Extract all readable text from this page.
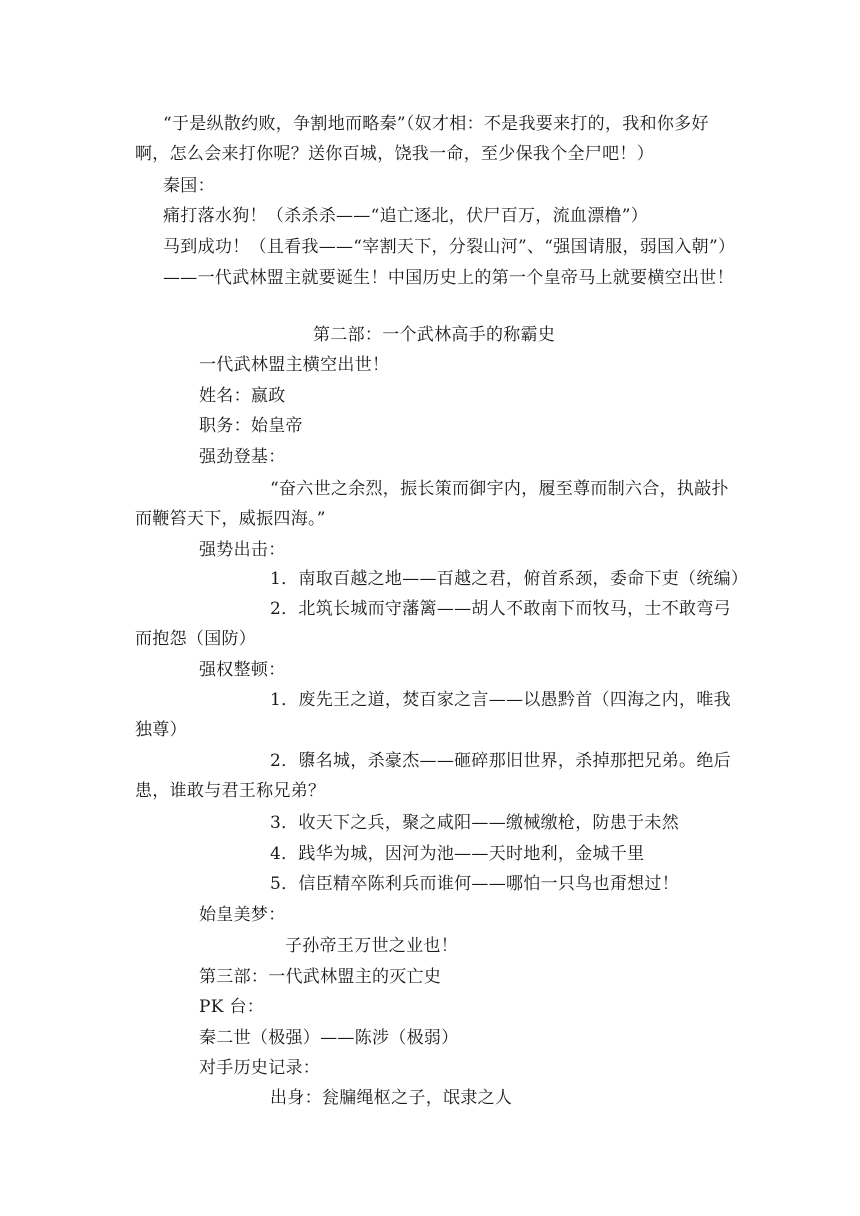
“于是纵散约败，争割地而略秦”（奴才相：不是我要来打的，我和你多好
啊，怎么会来打你呢？送你百城，饶我一命，至少保我个全尸吧！）
秦国：
痛打落水狗！（杀杀杀——“追亡逐北，伏尸百万，流血漂橹”）
马到成功！（且看我——“宰割天下，分裂山河”、“强国请服，弱国入朝”）
——一代武林盟主就要诞生！中国历史上的第一个皇帝马上就要横空出世！
第二部：一个武林高手的称霸史
一代武林盟主横空出世！
姓名：嬴政
职务：始皇帝
强劲登基：
“奋六世之余烈，振长策而御宇内，履至尊而制六合，执敲扑
而鞭笞天下，威振四海。”
强势出击：
1．南取百越之地——百越之君，俯首系颈，委命下吏（统编）
2．北筑长城而守藩篱——胡人不敢南下而牧马，士不敢弯弓
而抱怨（国防）
强权整顿：
1．废先王之道，焚百家之言——以愚黔首（四海之内，唯我
独尊）
2．隳名城，杀豪杰——砸碎那旧世界，杀掉那把兄弟。绝后
患，谁敢与君王称兄弟？
3．收天下之兵，聚之咸阳——缴械缴枪，防患于未然
4．践华为城，因河为池——天时地利，金城千里
5．信臣精卒陈利兵而谁何——哪怕一只鸟也甭想过！
始皇美梦：
子孙帝王万世之业也！
第三部：一代武林盟主的灭亡史
PK 台：
秦二世（极强）——陈涉（极弱）
对手历史记录：
出身：瓮牖绳枢之子，氓隶之人
